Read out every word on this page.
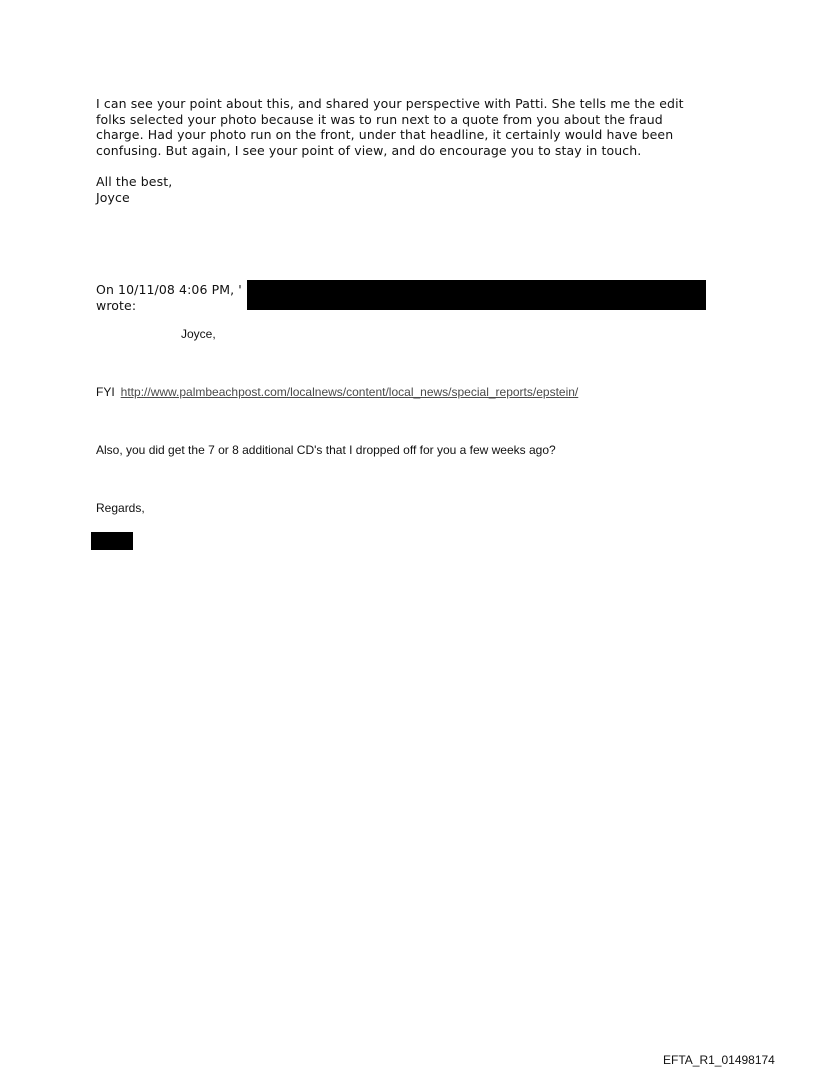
I can see your point about this, and shared your perspective with Patti. She tells me the edit
folks selected your photo because it was to run next to a quote from you about the fraud
charge. Had your photo run on the front, under that headline, it certainly would have been
confusing. But again, I see your point of view, and do encourage you to stay in touch.
All the best,
Joyce
On 10/11/08 4:06 PM, '
wrote:
Joyce,
FYI http://www.palmbeachpost.com/localnews/content/local_news/special_reports/epstein/
Also, you did get the 7 or 8 additional CD's that I dropped off for you a few weeks ago?
Regards,
EFTA_R1_01498174
